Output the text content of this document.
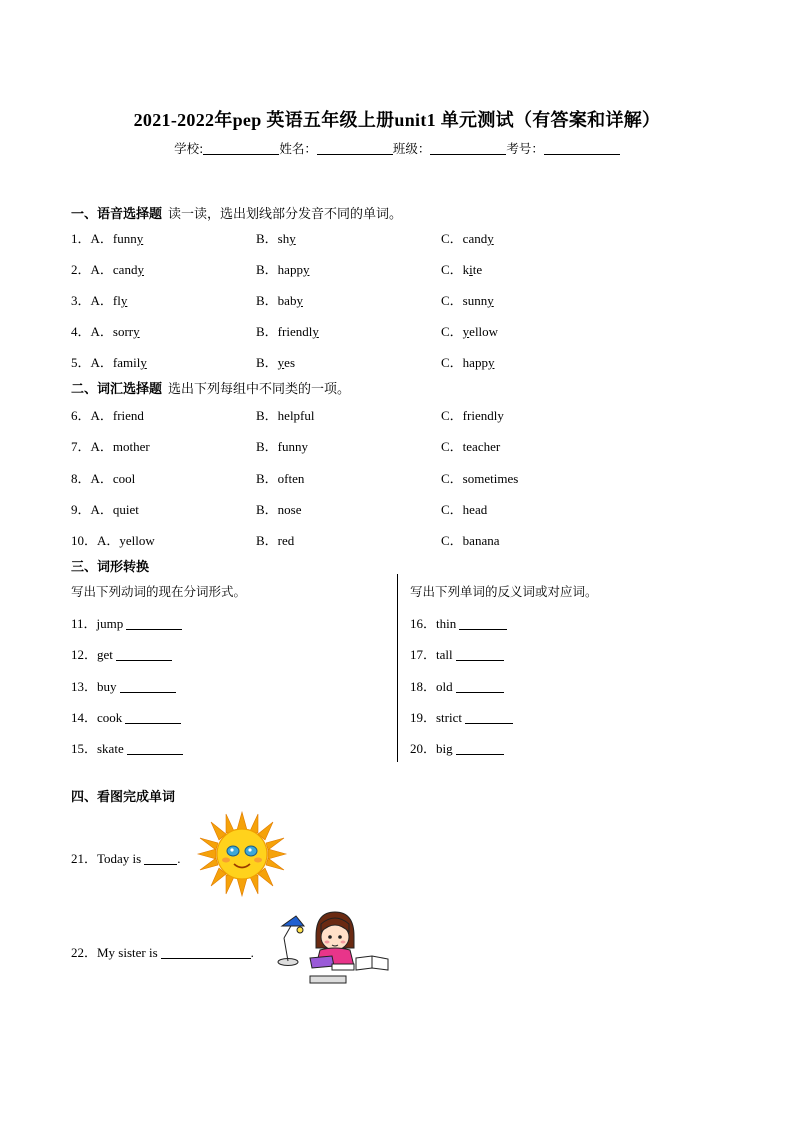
2021-2022年pep 英语五年级上册unit1 单元测试（有答案和详解）
学校:	姓名：	班级：	考号：
一、语音选择题 读一读，选出划线部分发音不同的单词。
1．A．funny	B．shy	C．candy
2．A．candy	B．happy	C．kite
3．A．fly	B．baby	C．sunny
4．A．sorry	B．friendly	C．yellow
5．A．family	B．yes	C．happy
二、词汇选择题 选出下列每组中不同类的一项。
6．A．friend	B．helpful	C．friendly
7．A．mother	B．funny	C．teacher
8．A．cool	B．often	C．sometimes
9．A．quiet	B．nose	C．head
10．A．yellow	B．red	C．banana
三、词形转换
写出下列动词的现在分词形式。	写出下列单词的反义词或对应词。
11．jump
12．get
13．buy
14．cook
15．skate
16．thin
17．tall
18．old
19．strict
20．big
四、看图完成单词
21．Today is	.
22．My sister is	.
